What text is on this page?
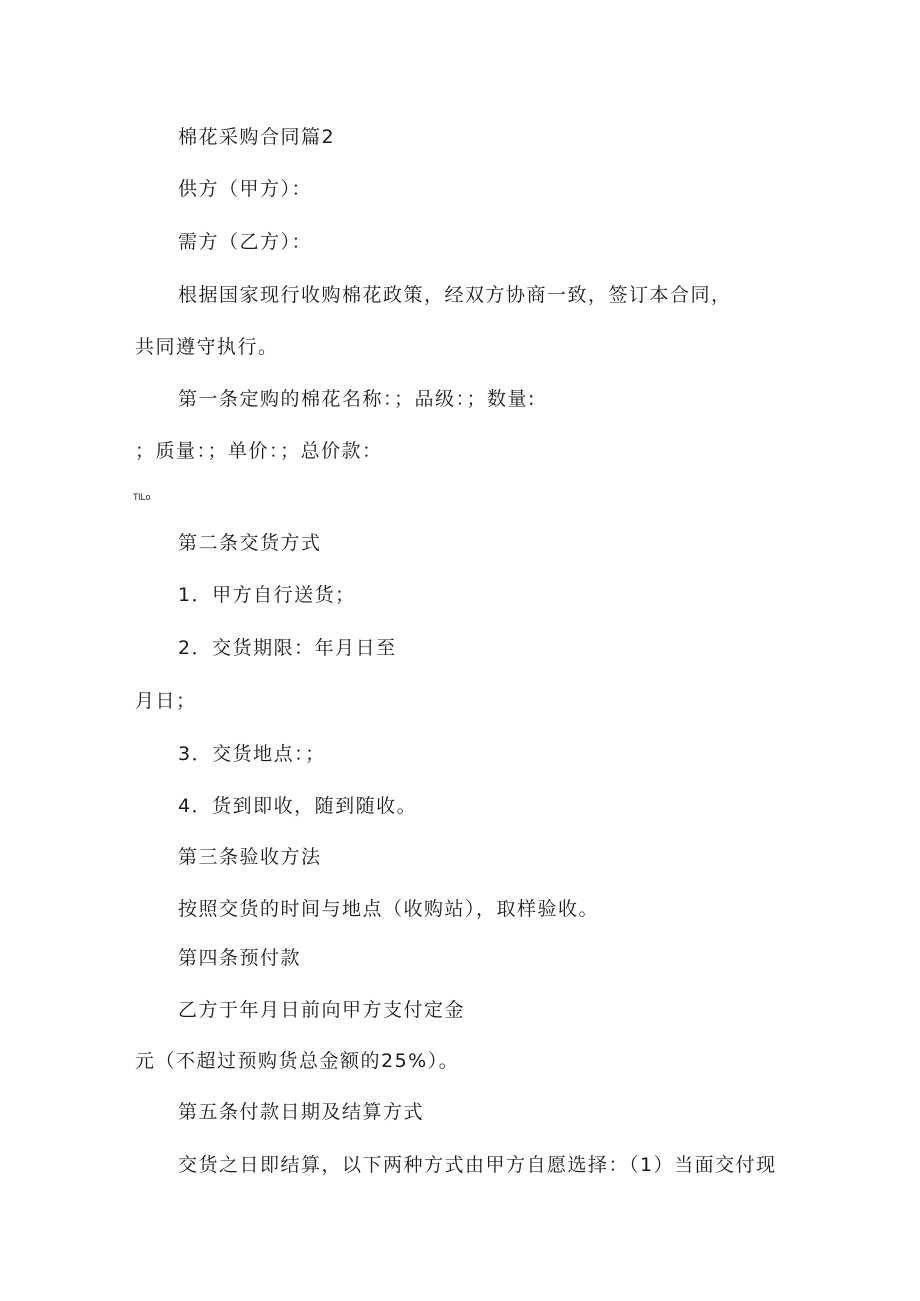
棉花采购合同篇2
供方（甲方）：
需方（乙方）：
根据国家现行收购棉花政策，经双方协商一致，签订本合同，
共同遵守执行。
第一条定购的棉花名称：；品级：；数量:
；质量：；单价：；总价款：
TlLo
第二条交货方式
1．甲方自行送货；
2．交货期限：年月日至
月日；
3．交货地点：；
4．货到即收，随到随收。
第三条验收方法
按照交货的时间与地点（收购站），取样验收。
第四条预付款
乙方于年月日前向甲方支付定金
元（不超过预购货总金额的25%）。
第五条付款日期及结算方式
交货之日即结算，以下两种方式由甲方自愿选择：（1）当面交付现
